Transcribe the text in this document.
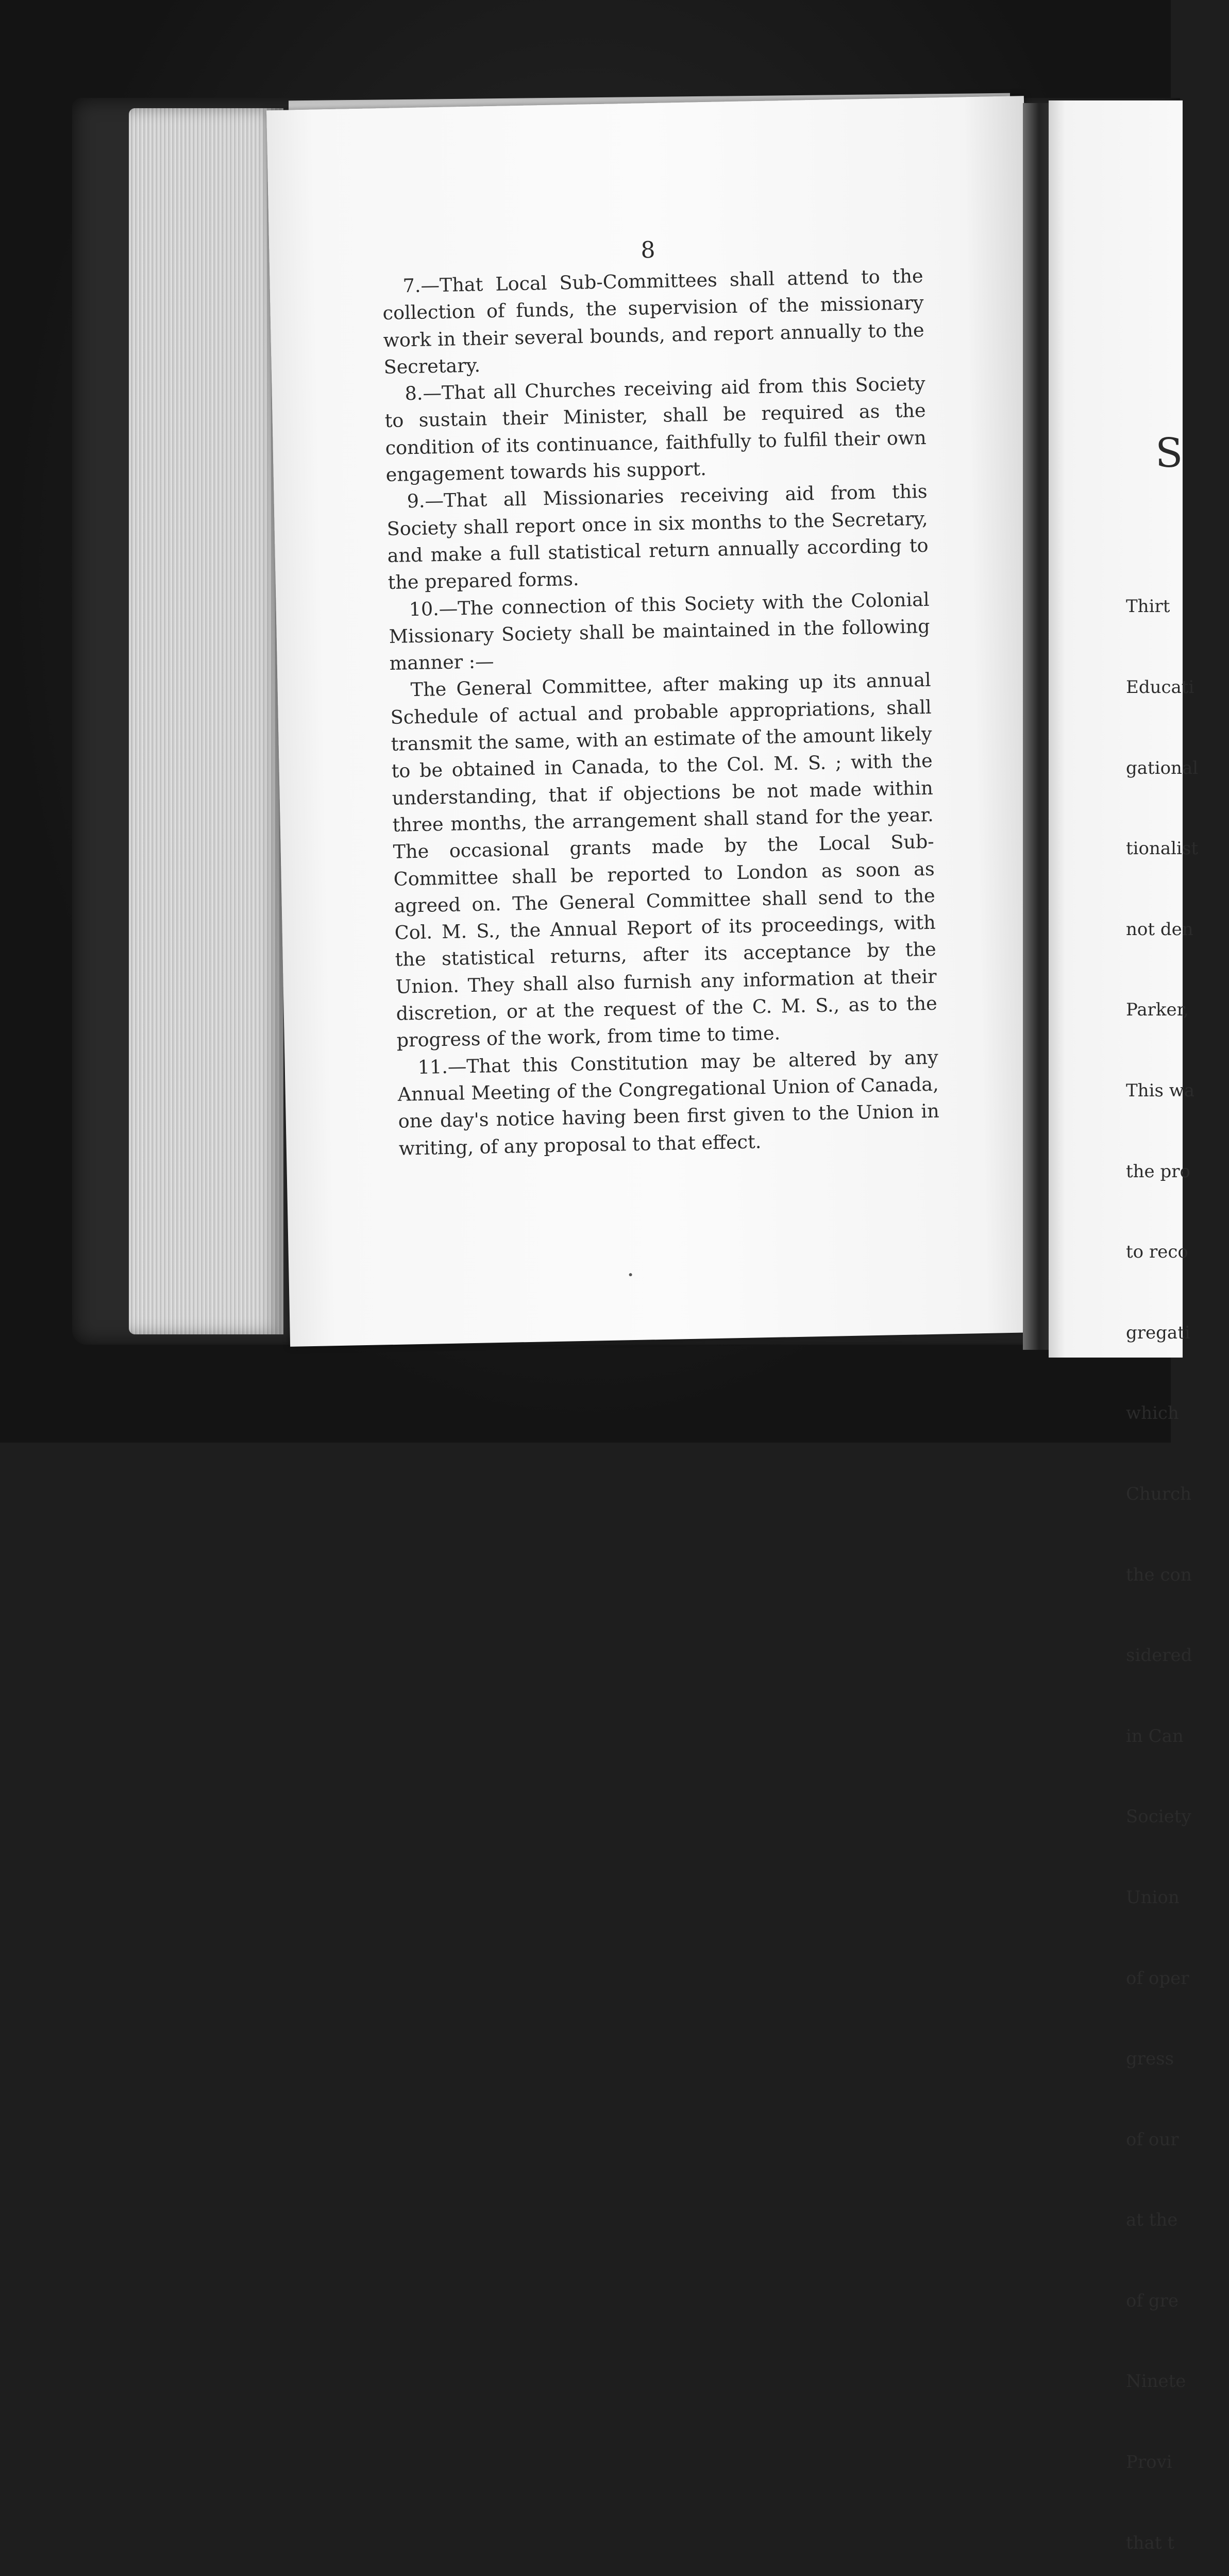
8

7.—That Local Sub-Committees shall attend to the collection of funds, the supervision of the missionary work in their several bounds, and report annually to the Secretary.

8.—That all Churches receiving aid from this Society to sustain their Minister, shall be required as the condition of its continuance, faithfully to fulfil their own engagement towards his support.

9.—That all Missionaries receiving aid from this Society shall report once in six months to the Secretary, and make a full statistical return annually according to the prepared forms.

10.—The connection of this Society with the Colonial Missionary Society shall be maintained in the following manner :—

The General Committee, after making up its annual Schedule of actual and probable appropriations, shall transmit the same, with an estimate of the amount likely to be obtained in Canada, to the Col. M. S. ; with the understanding, that if objections be not made within three months, the arrangement shall stand for the year. The occasional grants made by the Local Sub-Committee shall be reported to London as soon as agreed on. The General Committee shall send to the Col. M. S., the Annual Report of its proceedings, with the statistical returns, after its acceptance by the Union. They shall also furnish any information at their discretion, or at the request of the C. M. S., as to the progress of the work, from time to time.

11.—That this Constitution may be altered by any Annual Meeting of the Congregational Union of Canada, one day's notice having been first given to the Union in writing, of any proposal to that effect.

S

Thirt

Educati

gational

tionalist

not den

Parker,

This wa

the pro

to reco

gregati

which

Church

the con

sidered

in Can

Society

Union

of oper

gress

of our

at the

of gre

Ninete

Provi

that t
